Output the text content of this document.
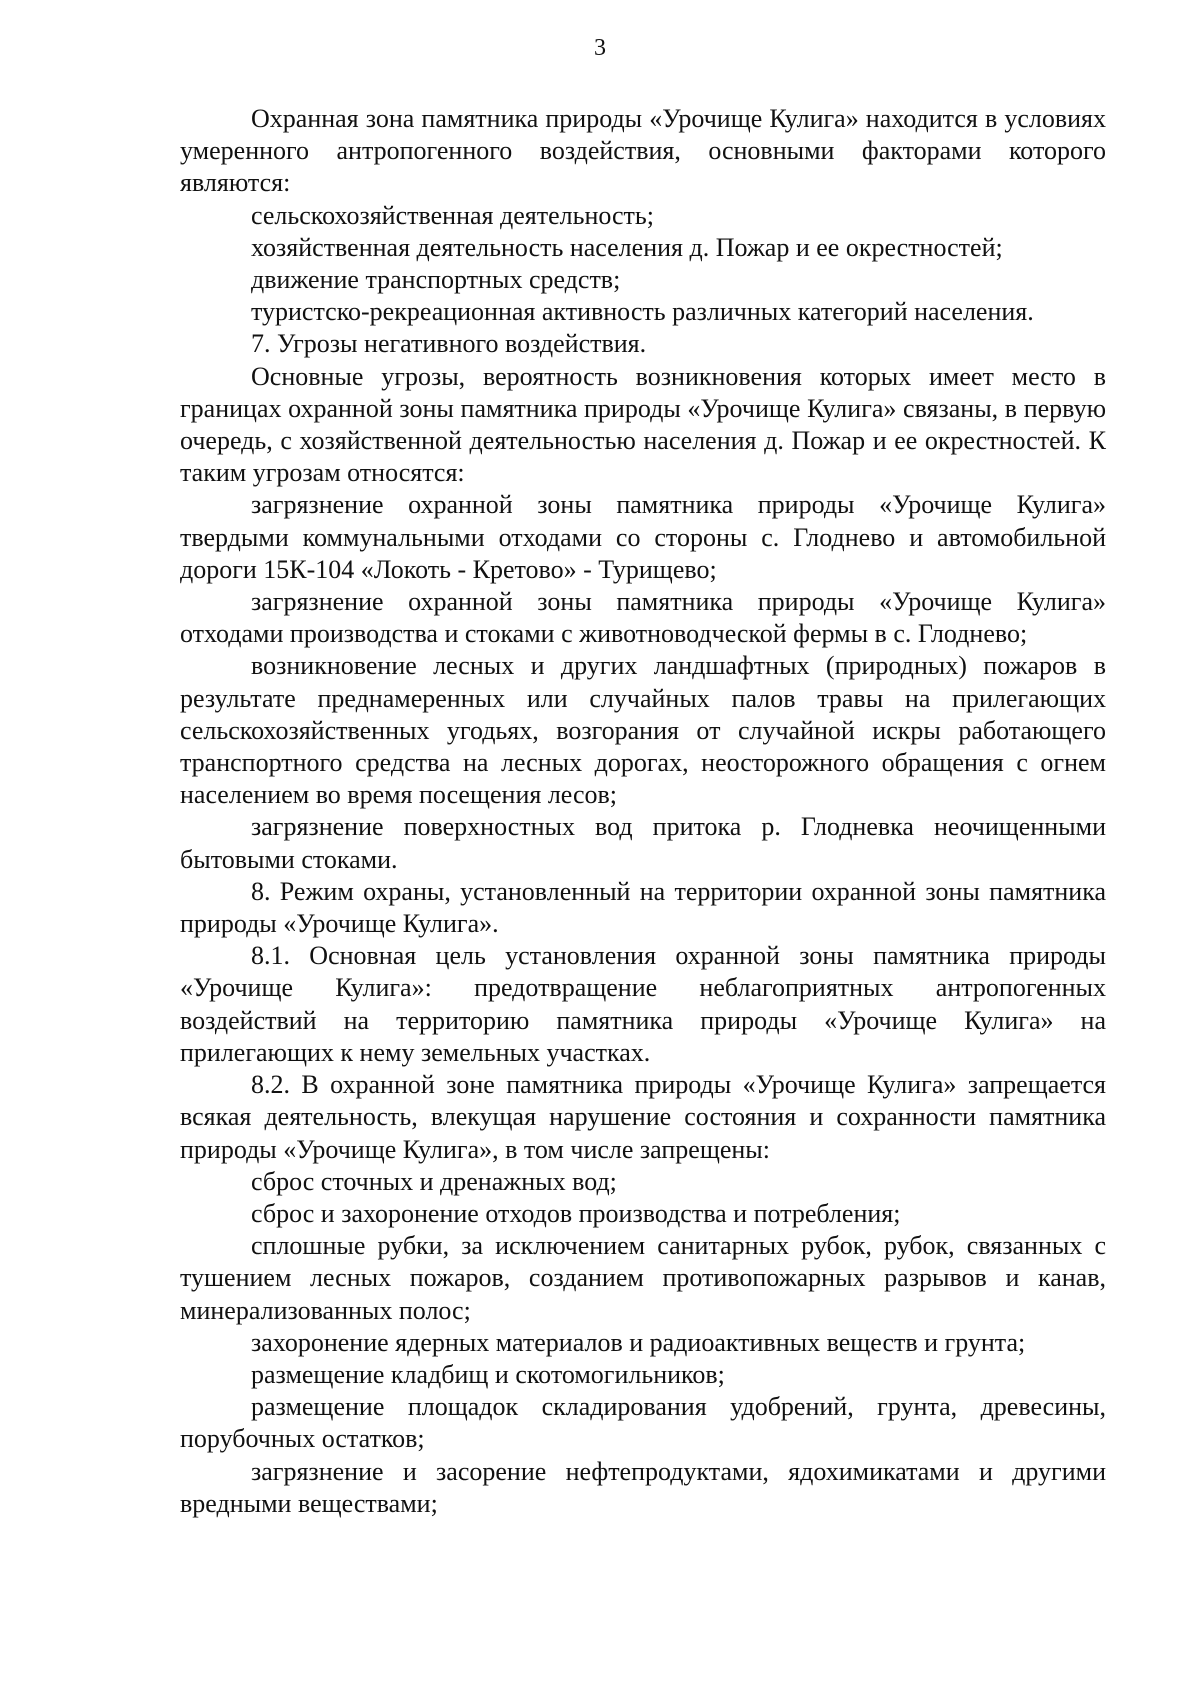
3

Охранная зона памятника природы «Урочище Кулига» находится в условиях умеренного антропогенного воздействия, основными факторами которого являются:

сельскохозяйственная деятельность;

хозяйственная деятельность населения д. Пожар и ее окрестностей;

движение транспортных средств;

туристско-рекреационная активность различных категорий населения.

7. Угрозы негативного воздействия.

Основные угрозы, вероятность возникновения которых имеет место в границах охранной зоны памятника природы «Урочище Кулига» связаны, в первую очередь, с хозяйственной деятельностью населения д. Пожар и ее окрестностей. К таким угрозам относятся:

загрязнение охранной зоны памятника природы «Урочище Кулига» твердыми коммунальными отходами со стороны с. Глоднево и автомобильной дороги 15К-104 «Локоть - Кретово» - Турищево;

загрязнение охранной зоны памятника природы «Урочище Кулига» отходами производства и стоками с животноводческой фермы в с. Глоднево;

возникновение лесных и других ландшафтных (природных) пожаров в результате преднамеренных или случайных палов травы на прилегающих сельскохозяйственных угодьях, возгорания от случайной искры работающего транспортного средства на лесных дорогах, неосторожного обращения с огнем населением во время посещения лесов;

загрязнение поверхностных вод притока р. Глодневка неочищенными бытовыми стоками.

8. Режим охраны, установленный на территории охранной зоны памятника природы «Урочище Кулига».

8.1. Основная цель установления охранной зоны памятника природы «Урочище Кулига»: предотвращение неблагоприятных антропогенных воздействий на территорию памятника природы «Урочище Кулига» на прилегающих к нему земельных участках.

8.2. В охранной зоне памятника природы «Урочище Кулига» запрещается всякая деятельность, влекущая нарушение состояния и сохранности памятника природы «Урочище Кулига», в том числе запрещены:

сброс сточных и дренажных вод;

сброс и захоронение отходов производства и потребления;

сплошные рубки, за исключением санитарных рубок, рубок, связанных с тушением лесных пожаров, созданием противопожарных разрывов и канав, минерализованных полос;

захоронение ядерных материалов и радиоактивных веществ и грунта;

размещение кладбищ и скотомогильников;

размещение площадок складирования удобрений, грунта, древесины, порубочных остатков;

загрязнение и засорение нефтепродуктами, ядохимикатами и другими вредными веществами;
